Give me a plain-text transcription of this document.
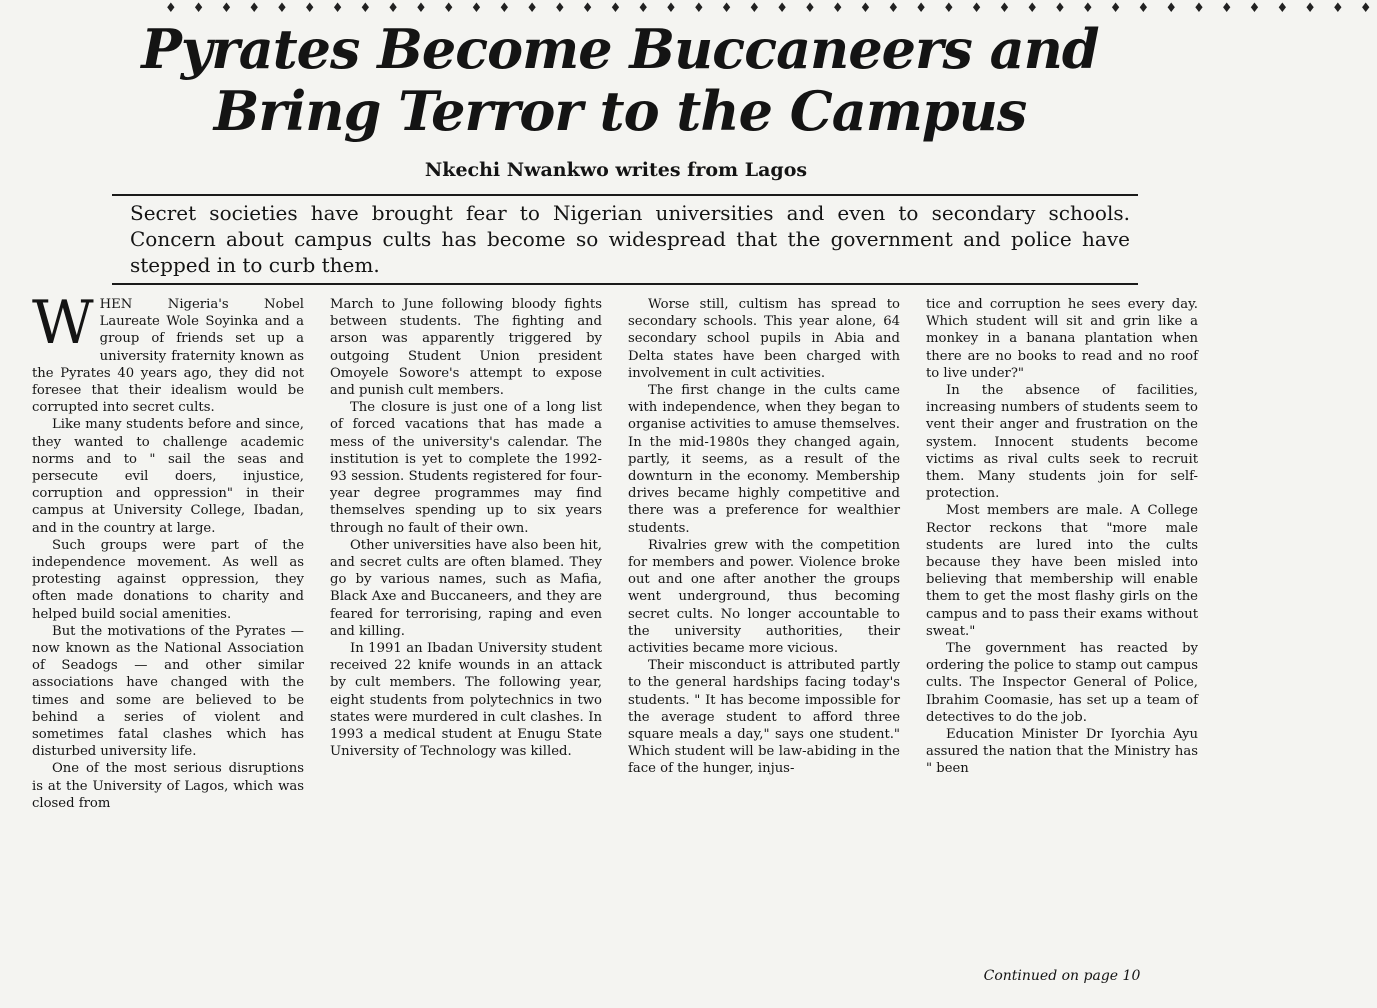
♦ ♦ ♦ ♦ ♦ ♦ ♦ ♦ ♦ ♦ ♦ ♦ ♦ ♦ ♦ ♦ ♦ ♦ ♦ ♦ ♦ ♦ ♦ ♦ ♦ ♦ ♦ ♦ ♦ ♦ ♦ ♦ ♦ ♦ ♦ ♦ ♦ ♦ ♦ ♦ ♦ ♦ ♦ ♦
Pyrates Become Buccaneers and
Bring Terror to the Campus

Nkechi Nwankwo writes from Lagos

Secret societies have brought fear to Nigerian universities and even to secondary schools. Concern about campus cults has become so widespread that the government and police have stepped in to curb them.

WHEN Nigeria's Nobel Laureate Wole Soyinka and a group of friends set up a university fraternity known as the Pyrates 40 years ago, they did not foresee that their idealism would be corrupted into secret cults.

Like many students before and since, they wanted to challenge academic norms and to " sail the seas and persecute evil doers, injustice, corruption and oppression" in their campus at University College, Ibadan, and in the country at large.

Such groups were part of the independence movement. As well as protesting against oppression, they often made donations to charity and helped build social amenities.

But the motivations of the Pyrates — now known as the National Association of Seadogs — and other similar associations have changed with the times and some are believed to be behind a series of violent and sometimes fatal clashes which has disturbed university life.

One of the most serious disruptions is at the University of Lagos, which was closed from

March to June following bloody fights between students. The fighting and arson was apparently triggered by outgoing Student Union president Omoyele Sowore's attempt to expose and punish cult members.

The closure is just one of a long list of forced vacations that has made a mess of the university's calendar. The institution is yet to complete the 1992-93 session. Students registered for four-year degree programmes may find themselves spending up to six years through no fault of their own.

Other universities have also been hit, and secret cults are often blamed. They go by various names, such as Mafia, Black Axe and Buccaneers, and they are feared for terrorising, raping and even and killing.

In 1991 an Ibadan University student received 22 knife wounds in an attack by cult members. The following year, eight students from polytechnics in two states were murdered in cult clashes. In 1993 a medical student at Enugu State University of Technology was killed.

Worse still, cultism has spread to secondary schools. This year alone, 64 secondary school pupils in Abia and Delta states have been charged with involvement in cult activities.

The first change in the cults came with independence, when they began to organise activities to amuse themselves. In the mid-1980s they changed again, partly, it seems, as a result of the downturn in the economy. Membership drives became highly competitive and there was a preference for wealthier students.

Rivalries grew with the competition for members and power. Violence broke out and one after another the groups went underground, thus becoming secret cults. No longer accountable to the university authorities, their activities became more vicious.

Their misconduct is attributed partly to the general hardships facing today's students. " It has become impossible for the average student to afford three square meals a day," says one student." Which student will be law-abiding in the face of the hunger, injus-

tice and corruption he sees every day. Which student will sit and grin like a monkey in a banana plantation when there are no books to read and no roof to live under?"

In the absence of facilities, increasing numbers of students seem to vent their anger and frustration on the system. Innocent students become victims as rival cults seek to recruit them. Many students join for self-protection.

Most members are male. A College Rector reckons that "more male students are lured into the cults because they have been misled into believing that membership will enable them to get the most flashy girls on the campus and to pass their exams without sweat."

The government has reacted by ordering the police to stamp out campus cults. The Inspector General of Police, Ibrahim Coomasie, has set up a team of detectives to do the job.

Education Minister Dr Iyorchia Ayu assured the nation that the Ministry has " been

Continued on page 10
